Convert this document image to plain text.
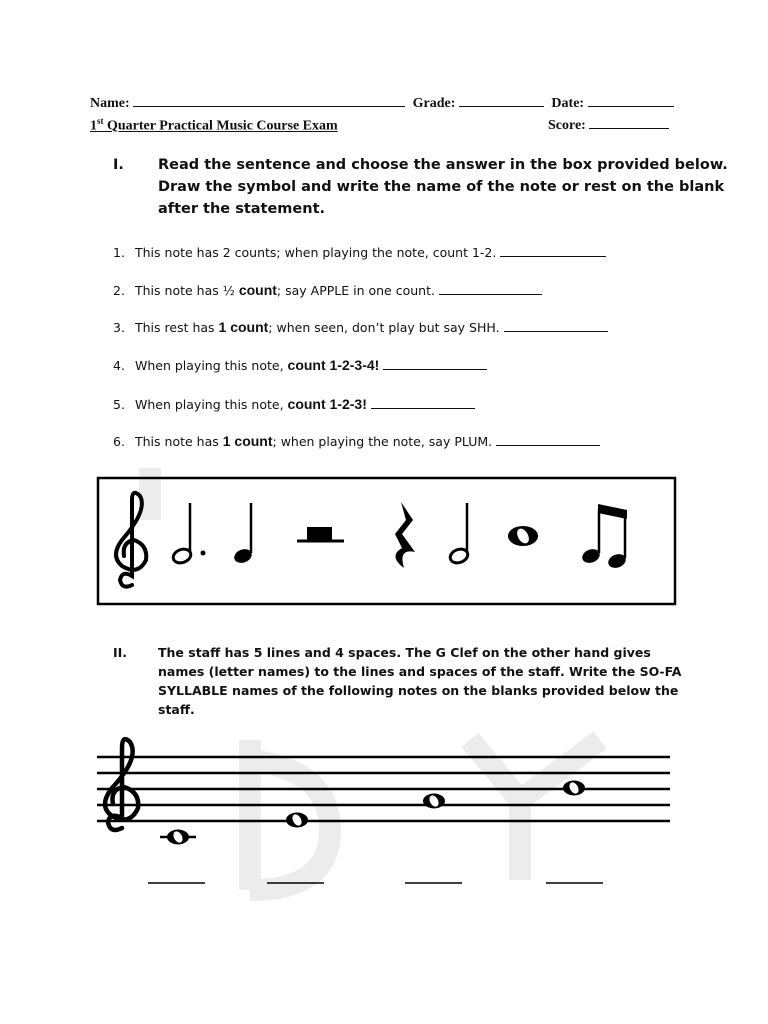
Name:	Grade:	Date:
1st Quarter Practical Music Course Exam	Score:
I. Read the sentence and choose the answer in the box provided below.
Draw the symbol and write the name of the note or rest on the blank
after the statement.
1. This note has 2 counts; when playing the note, count 1-2.
2. This note has ½ count; say APPLE in one count.
3. This rest has 1 count; when seen, don’t play but say SHH.
4. When playing this note, count 1-2-3-4!
5. When playing this note, count 1-2-3!
6. This note has 1 count; when playing the note, say PLUM.
II. The staff has 5 lines and 4 spaces. The G Clef on the other hand gives names (letter names) to the lines and spaces of the staff. Write the SO-FA SYLLABLE names of the following notes on the blanks provided below the staff.
